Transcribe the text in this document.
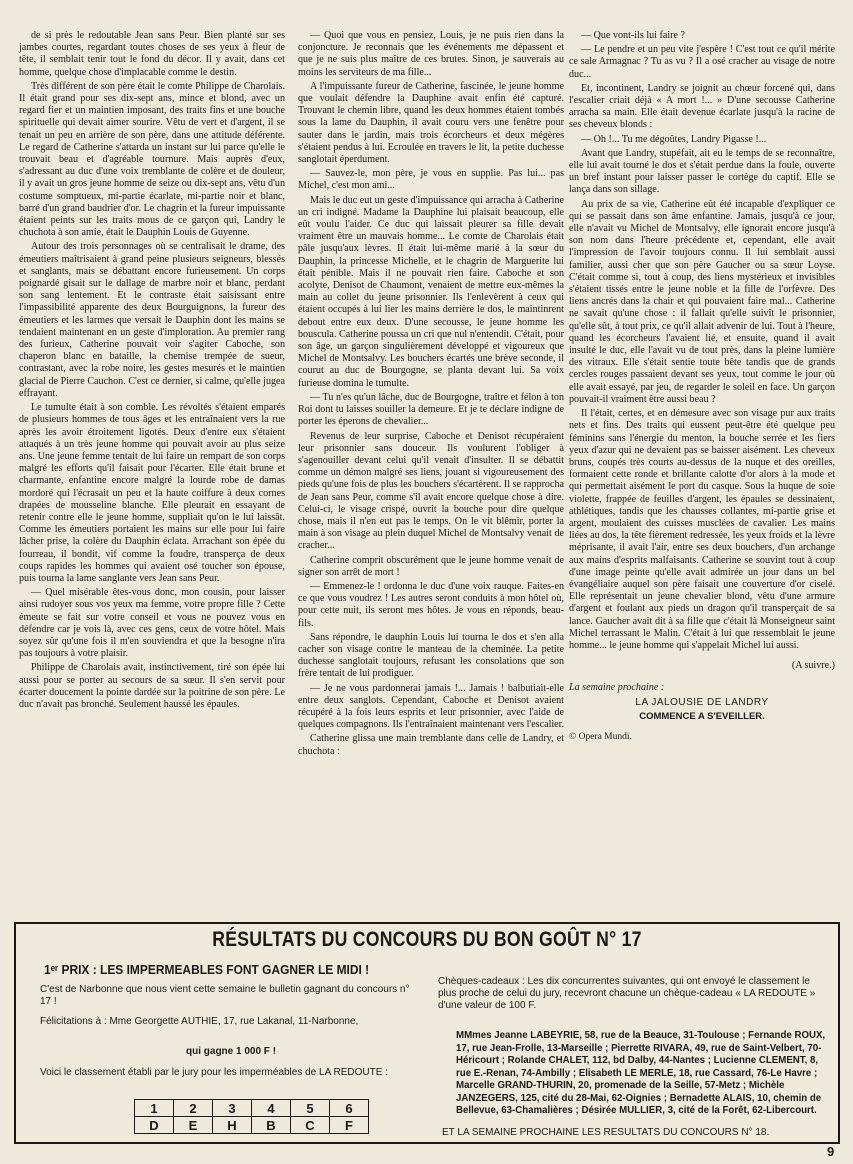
de si près le redoutable Jean sans Peur. Bien planté sur ses jambes courtes, regardant toutes choses de ses yeux à fleur de tête, il semblait tenir tout le fond du décor. Il y avait, dans cet homme, quelque chose d'implacable comme le destin.

Très différent de son père était le comte Philippe de Charolais. Il était grand pour ses dix-sept ans, mince et blond, avec un regard fier et un maintien imposant, des traits fins et une bouche spirituelle qui devait aimer sourire. Vêtu de vert et d'argent, il se tenait un peu en arrière de son père, dans une attitude déférente. Le regard de Catherine s'attarda un instant sur lui parce qu'elle le trouvait beau et d'agréable tournure. Mais auprès d'eux, s'adressant au duc d'une voix tremblante de colère et de douleur, il y avait un gros jeune homme de seize ou dix-sept ans, vêtu d'un costume somptueux, mi-partie écarlate, mi-partie noir et blanc, barré d'un grand baudrier d'or. Le chagrin et la fureur impuissante étaient peints sur les traits mous de ce garçon qui, Landry le chuchota à son amie, était le Dauphin Louis de Guyenne.

Autour des trois personnages où se centralisait le drame, des émeutiers maîtrisaient à grand peine plusieurs seigneurs, blessés et sanglants, mais se débattant encore furieusement. Un corps poignardé gisait sur le dallage de marbre noir et blanc, perdant son sang lentement. Et le contraste était saisissant entre l'impassibilité apparente des deux Bourguignons, la fureur des émeutiers et les larmes que versait le Dauphin dont les mains se tendaient maintenant en un geste d'imploration. Au premier rang des furieux, Catherine pouvait voir s'agiter Caboche, son chaperon blanc en bataille, la chemise trempée de sueur, contrastant, avec la robe noire, les gestes mesurés et le maintien glacial de Pierre Cauchon. C'est ce dernier, si calme, qu'elle jugea effrayant.

Le tumulte était à son comble. Les révoltés s'étaient emparés de plusieurs hommes de tous âges et les entraînaient vers la rue après les avoir étroitement ligotés. Deux d'entre eux s'étaient attaqués à un très jeune homme qui pouvait avoir au plus seize ans. Une jeune femme tentait de lui faire un rempart de son corps malgré les efforts qu'il faisait pour l'écarter. Elle était brune et charmante, enfantine encore malgré la lourde robe de damas mordoré qui l'écrasait un peu et la haute coiffure à deux cornes drapées de mousseline blanche. Elle pleurait en essayant de retenir contre elle le jeune homme, suppliait qu'on le lui laissât. Comme les émeutiers portaient les mains sur elle pour lui faire lâcher prise, la colère du Dauphin éclata. Arrachant son épée du fourreau, il bondit, vif comme la foudre, transperça de deux coups rapides les hommes qui avaient osé toucher son épouse, puis tourna la lame sanglante vers Jean sans Peur.

— Quel misérable êtes-vous donc, mon cousin, pour laisser ainsi rudoyer sous vos yeux ma femme, votre propre fille ? Cette émeute se fait sur votre conseil et vous ne pouvez vous en défendre car je vois là, avec ces gens, ceux de votre hôtel. Mais soyez sûr qu'une fois il m'en souviendra et que la besogne n'ira pas toujours à votre plaisir.

Philippe de Charolais avait, instinctivement, tiré son épée lui aussi pour se porter au secours de sa sœur. Il s'en servit pour écarter doucement la pointe dardée sur la poitrine de son père. Le duc n'avait pas bronché. Seulement haussé les épaules.

— Quoi que vous en pensiez, Louis, je ne puis rien dans la conjoncture. Je reconnais que les événements me dépassent et que je ne suis plus maître de ces brutes. Sinon, je sauverais au moins les serviteurs de ma fille...

A l'impuissante fureur de Catherine, fascinée, le jeune homme que voulait défendre la Dauphine avait enfin été capturé. Trouvant le chemin libre, quand les deux hommes étaient tombés sous la lame du Dauphin, il avait couru vers une fenêtre pour sauter dans le jardin, mais trois écorcheurs et deux mégères s'étaient pendus à lui. Ecroulée en travers le lit, la petite duchesse sanglotait éperdument.

— Sauvez-le, mon père, je vous en supplie. Pas lui... pas Michel, c'est mon ami...

Mais le duc eut un geste d'impuissance qui arracha à Catherine un cri indigné. Madame la Dauphine lui plaisait beaucoup, elle eût voulu l'aider. Ce duc qui laissait pleurer sa fille devait vraiment être un mauvais homme... Le comte de Charolais était pâle jusqu'aux lèvres. Il était lui-même marié à la sœur du Dauphin, la princesse Michelle, et le chagrin de Marguerite lui était pénible. Mais il ne pouvait rien faire. Caboche et son acolyte, Denisot de Chaumont, venaient de mettre eux-mêmes la main au collet du jeune prisonnier. Ils l'enlevèrent à ceux qui étaient occupés à lui lier les mains derrière le dos, le maintinrent debout entre eux deux. D'une secousse, le jeune homme les bouscula. Catherine poussa un cri que nul n'entendit. C'était, pour son âge, un garçon singulièrement développé et vigoureux que Michel de Montsalvy. Les bouchers écartés une brève seconde, il courut au duc de Bourgogne, se planta devant lui. Sa voix furieuse domina le tumulte.

— Tu n'es qu'un lâche, duc de Bourgogne, traître et félon à ton Roi dont tu laisses souiller la demeure. Et je te déclare indigne de porter les éperons de chevalier...

Revenus de leur surprise, Caboche et Denisot récupéraient leur prisonnier sans douceur. Ils voulurent l'obliger à s'agenouiller devant celui qu'il venait d'insulter. Il se débattit comme un démon malgré ses liens, jouant si vigoureusement des pieds qu'une fois de plus les bouchers s'écartèrent. Il se rapprocha de Jean sans Peur, comme s'il avait encore quelque chose à dire. Celui-ci, le visage crispé, ouvrit la bouche pour dire quelque chose, mais il n'en eut pas le temps. On le vit blêmir, porter la main à son visage au plein duquel Michel de Montsalvy venait de cracher...

Catherine comprit obscurément que le jeune homme venait de signer son arrêt de mort !

— Emmenez-le ! ordonna le duc d'une voix rauque. Faites-en ce que vous voudrez ! Les autres seront conduits à mon hôtel où, pour cette nuit, ils seront mes hôtes. Je vous en réponds, beau-fils.

Sans répondre, le dauphin Louis lui tourna le dos et s'en alla cacher son visage contre le manteau de la cheminée. La petite duchesse sanglotait toujours, refusant les consolations que son frère tentait de lui prodiguer.

— Je ne vous pardonnerai jamais !... Jamais ! balbutiait-elle entre deux sanglots. Cependant, Caboche et Denisot avaient récupéré à la fois leurs esprits et leur prisonnier, avec l'aide de quelques compagnons. Ils l'entraînaient maintenant vers l'escalier.

Catherine glissa une main tremblante dans celle de Landry, et chuchota :

— Que vont-ils lui faire ?

— Le pendre et un peu vite j'espère ! C'est tout ce qu'il mérite ce sale Armagnac ? Tu as vu ? Il a osé cracher au visage de notre duc...

Et, incontinent, Landry se joignit au chœur forcené qui, dans l'escalier criait déjà « A mort !... » D'une secousse Catherine arracha sa main. Elle était devenue écarlate jusqu'à la racine de ses cheveux blonds :

— Oh !... Tu me dégoûtes, Landry Pigasse !...

Avant que Landry, stupéfait, ait eu le temps de se reconnaître, elle lui avait tourné le dos et s'était perdue dans la foule, ouverte un bref instant pour laisser passer le cortège du captif. Elle se lança dans son sillage.

Au prix de sa vie, Catherine eût été incapable d'expliquer ce qui se passait dans son âme enfantine. Jamais, jusqu'à ce jour, elle n'avait vu Michel de Montsalvy, elle ignorait encore jusqu'à son nom dans l'heure précédente et, cependant, elle avait l'impression de l'avoir toujours connu. Il lui semblait aussi familier, aussi cher que son père Gaucher ou sa sœur Loyse. C'était comme si, tout à coup, des liens mystérieux et invisibles s'étaient tissés entre le jeune noble et la fille de l'orfèvre. Des liens ancrés dans la chair et qui pouvaient faire mal... Catherine ne savait qu'une chose : il fallait qu'elle suivît le prisonnier, qu'elle sût, à tout prix, ce qu'il allait advenir de lui. Tout à l'heure, quand les écorcheurs l'avaient lié, et ensuite, quand il avait insulté le duc, elle l'avait vu de tout près, dans la pleine lumière des vitraux. Elle s'était sentie toute bête tandis que de grands cercles rouges passaient devant ses yeux, tout comme le jour où elle avait essayé, par jeu, de regarder le soleil en face. Un garçon pouvait-il vraiment être aussi beau ?

Il l'était, certes, et en démesure avec son visage pur aux traits nets et fins. Des traits qui eussent peut-être été quelque peu féminins sans l'énergie du menton, la bouche serrée et les fiers yeux d'azur qui ne devaient pas se baisser aisément. Les cheveux bruns, coupés très courts au-dessus de la nuque et des oreilles, formaient cette ronde et brillante calotte d'or alors à la mode et qui permettait aisément le port du casque. Sous la huque de soie violette, frappée de feuilles d'argent, les épaules se dessinaient, athlétiques, tandis que les chausses collantes, mi-partie grise et argent, moulaient des cuisses musclées de cavalier. Les mains liées au dos, la tête fièrement redressée, les yeux froids et la lèvre méprisante, il avait l'air, entre ses deux bouchers, d'un archange aux mains d'esprits malfaisants. Catherine se souvint tout à coup d'une image peinte qu'elle avait admirée un jour dans un bel évangéliaire auquel son père faisait une couverture d'or ciselé. Elle représentait un jeune chevalier blond, vêtu d'une armure d'argent et foulant aux pieds un dragon qu'il transperçait de sa lance. Gaucher avait dit à sa fille que c'était là Monseigneur saint Michel terrassant le Malin. C'était à lui que ressemblait le jeune homme... le jeune homme qui s'appelait Michel lui aussi.

(A suivre.)

La semaine prochaine :

LA JALOUSIE DE LANDRY

COMMENCE A S'EVEILLER.

© Opera Mundi.

RÉSULTATS DU CONCOURS DU BON GOÛT N° 17
1ᵉʳ PRIX : LES IMPERMEABLES FONT GAGNER LE MIDI !
C'est de Narbonne que nous vient cette semaine le bulletin gagnant du concours n° 17 !
Félicitations à : Mme Georgette AUTHIE, 17, rue Lakanal, 11-Narbonne,
qui gagne 1 000 F !
Voici le classement établi par le jury pour les imperméables de LA REDOUTE :
1	2	3	4	5	6
D	E	H	B	C	F
Chèques-cadeaux : Les dix concurrentes suivantes, qui ont envoyé le classement le plus proche de celui du jury, recevront chacune un chèque-cadeau « LA REDOUTE » d'une valeur de 100 F.
MMmes Jeanne LABEYRIE, 58, rue de la Beauce, 31-Toulouse ; Fernande ROUX, 17, rue Jean-Frolle, 13-Marseille ; Pierrette RIVARA, 49, rue de Saint-Velbert, 70-Héricourt ; Rolande CHALET, 112, bd Dalby, 44-Nantes ; Lucienne CLEMENT, 8, rue E.-Renan, 74-Ambilly ; Elisabeth LE MERLE, 18, rue Cassard, 76-Le Havre ; Marcelle GRAND-THURIN, 20, promenade de la Seille, 57-Metz ; Michèle JANZEGERS, 125, cité du 28-Mai, 62-Oignies ; Bernadette ALAIS, 10, chemin de Bellevue, 63-Chamalières ; Désirée MULLIER, 3, cité de la Forêt, 62-Libercourt.
ET LA SEMAINE PROCHAINE LES RESULTATS DU CONCOURS N° 18.
9
